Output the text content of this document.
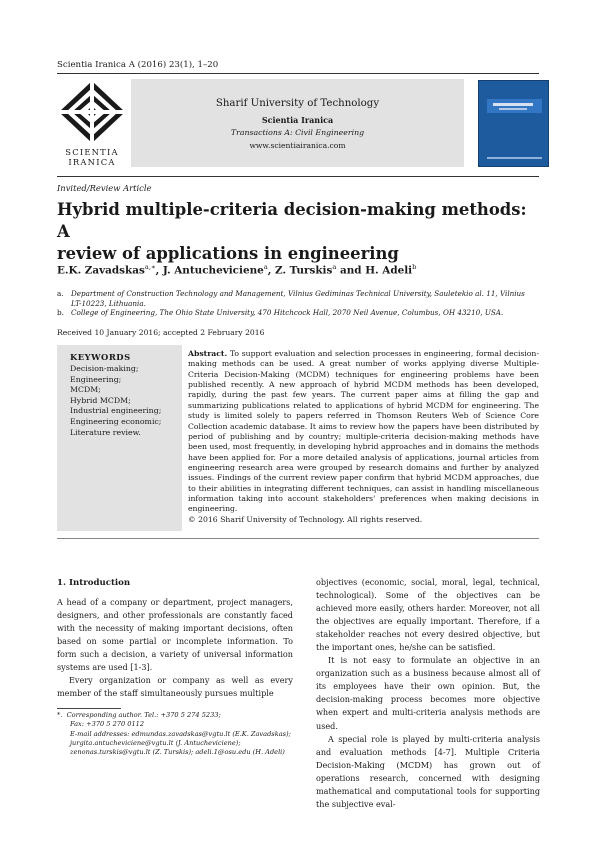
Scientia Iranica A (2016) 23(1), 1–20
SCIENTIA
IRANICA
Sharif University of Technology
Scientia Iranica
Transactions A: Civil Engineering
www.scientiairanica.com
Invited/Review Article
Hybrid multiple-criteria decision-making methods: A
review of applications in engineering
E.K. Zavadskas$^{a,∗}$, J. Antucheviciene$^a$, Z. Turskis$^a$ and H. Adeli$^b$
a. Department of Construction Technology and Management, Vilnius Gediminas Technical University, Sauletekio al. 11, Vilnius
LT-10223, Lithuania.
b. College of Engineering, The Ohio State University, 470 Hitchcock Hall, 2070 Neil Avenue, Columbus, OH 43210, USA.
Received 10 January 2016; accepted 2 February 2016
KEYWORDS
Decision-making;
Engineering;
MCDM;
Hybrid MCDM;
Industrial engineering;
Engineering economic;
Literature review.
Abstract. To support evaluation and selection processes in engineering, formal decision-making methods can be used. A great number of works applying diverse Multiple-Criteria Decision-Making (MCDM) techniques for engineering problems have been published recently. A new approach of hybrid MCDM methods has been developed, rapidly, during the past few years. The current paper aims at filling the gap and summarizing publications related to applications of hybrid MCDM for engineering. The study is limited solely to papers referred in Thomson Reuters Web of Science Core Collection academic database. It aims to review how the papers have been distributed by period of publishing and by country; multiple-criteria decision-making methods have been used, most frequently, in developing hybrid approaches and in domains the methods have been applied for. For a more detailed analysis of applications, journal articles from engineering research area were grouped by research domains and further by analyzed issues. Findings of the current review paper confirm that hybrid MCDM approaches, due to their abilities in integrating different techniques, can assist in handling miscellaneous information taking into account stakeholders' preferences when making decisions in engineering.
© 2016 Sharif University of Technology. All rights reserved.
1. Introduction

A head of a company or department, project managers, designers, and other professionals are constantly faced with the necessity of making important decisions, often based on some partial or incomplete information. To form such a decision, a variety of universal information systems are used [1-3].

Every organization or company as well as every member of the staff simultaneously pursues multiple

objectives (economic, social, moral, legal, technical, technological). Some of the objectives can be achieved more easily, others harder. Moreover, not all the objectives are equally important. Therefore, if a stakeholder reaches not every desired objective, but the important ones, he/she can be satisfied.

It is not easy to formulate an objective in an organization such as a business because almost all of its employees have their own opinion. But, the decision-making process becomes more objective when expert and multi-criteria analysis methods are used.

A special role is played by multi-criteria analysis and evaluation methods [4-7]. Multiple Criteria Decision-Making (MCDM) has grown out of operations research, concerned with designing mathematical and computational tools for supporting the subjective eval-

*. Corresponding author. Tel.: +370 5 274 5233;
Fax: +370 5 270 0112
E-mail addresses: edmundas.zavadskas@vgtu.lt (E.K. Zavadskas); jurgita.antucheviciene@vgtu.lt (J. Antucheviciene); zenonas.turskis@vgtu.lt (Z. Turskis); adeli.1@osu.edu (H. Adeli)
